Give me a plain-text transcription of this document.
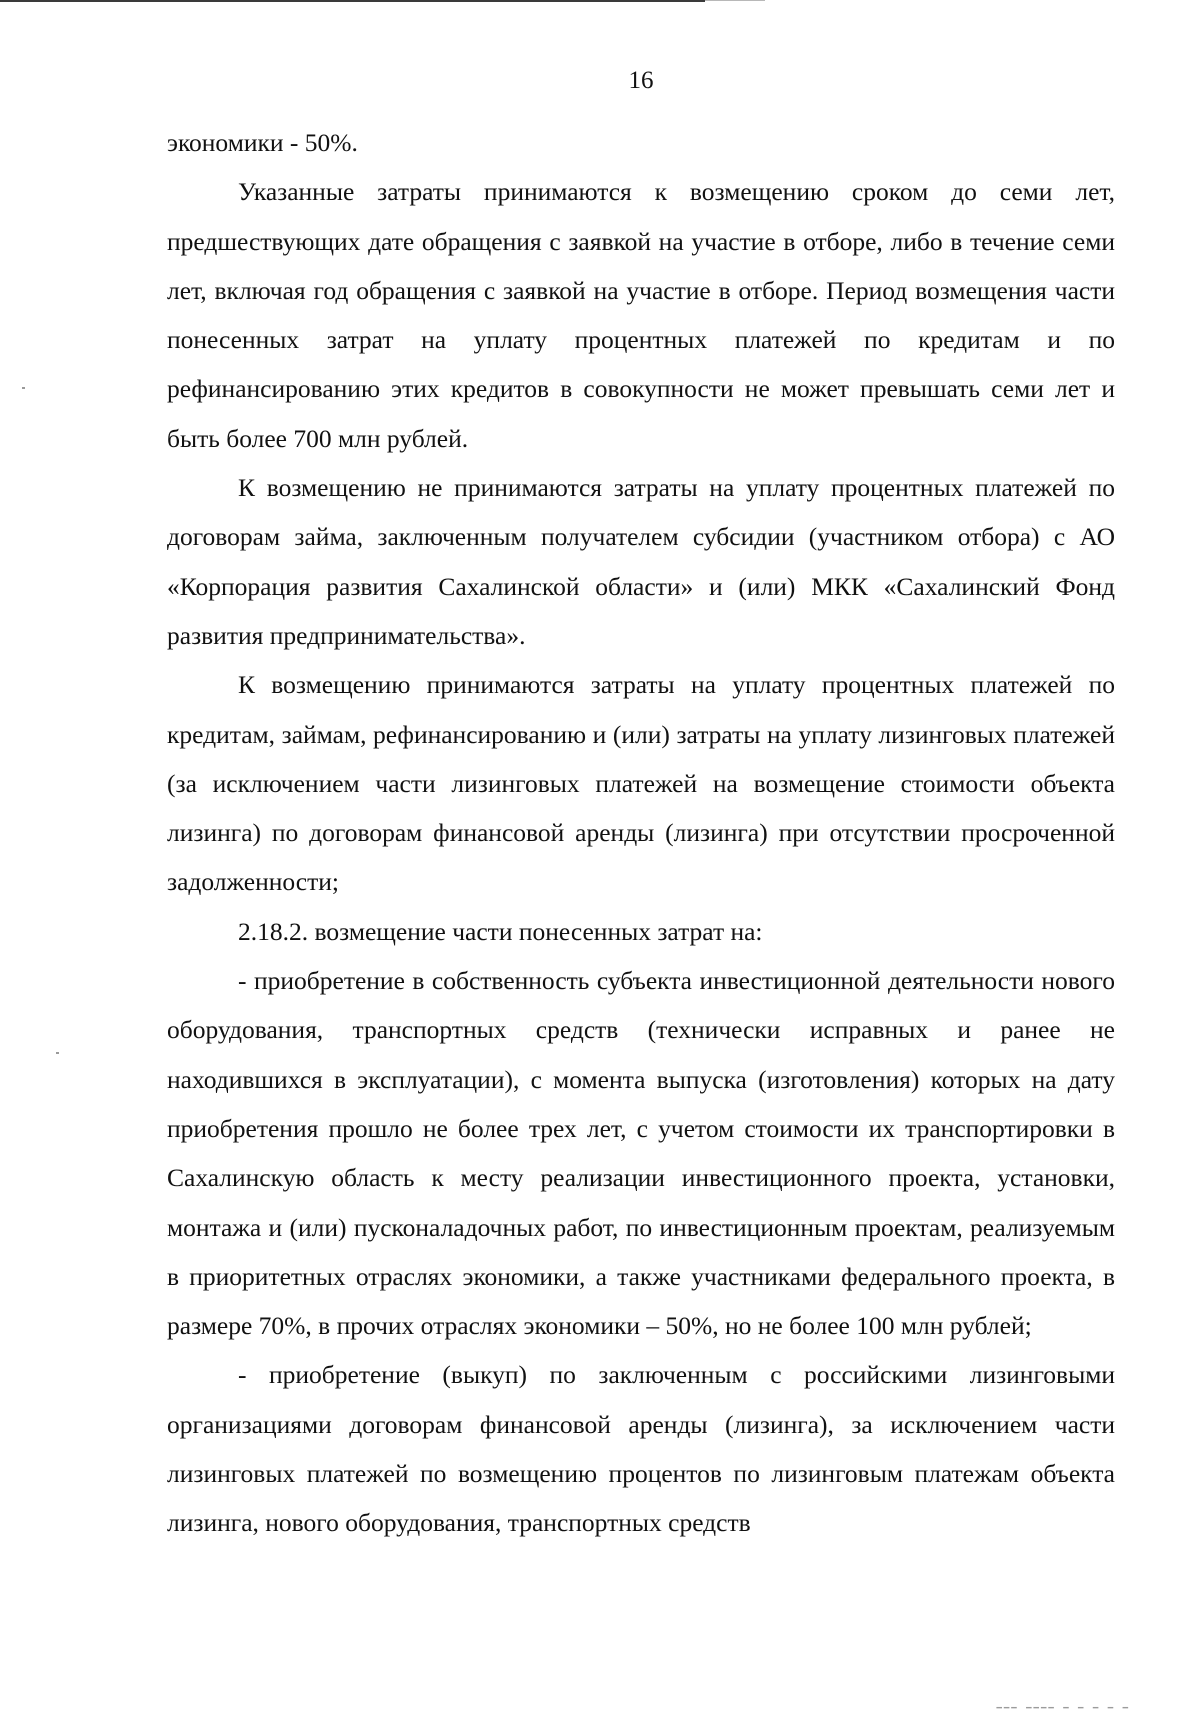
16

экономики - 50%.

Указанные затраты принимаются к возмещению сроком до семи лет, предшествующих дате обращения с заявкой на участие в отборе, либо в течение семи лет, включая год обращения с заявкой на участие в отборе. Период возмещения части понесенных затрат на уплату процентных платежей по кредитам и по рефинансированию этих кредитов в совокупности не может превышать семи лет и быть более 700 млн рублей.

К возмещению не принимаются затраты на уплату процентных платежей по договорам займа, заключенным получателем субсидии (участником отбора) с АО «Корпорация развития Сахалинской области» и (или) МКК «Сахалинский Фонд развития предпринимательства».

К возмещению принимаются затраты на уплату процентных платежей по кредитам, займам, рефинансированию и (или) затраты на уплату лизинговых платежей (за исключением части лизинговых платежей на возмещение стоимости объекта лизинга) по договорам финансовой аренды (лизинга) при отсутствии просроченной задолженности;

2.18.2. возмещение части понесенных затрат на:

- приобретение в собственность субъекта инвестиционной деятельности нового оборудования, транспортных средств (технически исправных и ранее не находившихся в эксплуатации), с момента выпуска (изготовления) которых на дату приобретения прошло не более трех лет, с учетом стоимости их транспортировки в Сахалинскую область к месту реализации инвестиционного проекта, установки, монтажа и (или) пусконаладочных работ, по инвестиционным проектам, реализуемым в приоритетных отраслях экономики, а также участниками федерального проекта, в размере 70%, в прочих отраслях экономики – 50%, но не более 100 млн рублей;

- приобретение (выкуп) по заключенным с российскими лизинговыми организациями договорам финансовой аренды (лизинга), за исключением части лизинговых платежей по возмещению процентов по лизинговым платежам объекта лизинга, нового оборудования, транспортных средств

▁▁▁ ▁▁▁▁ ▁ ▁ ▁ ▁ ▁
